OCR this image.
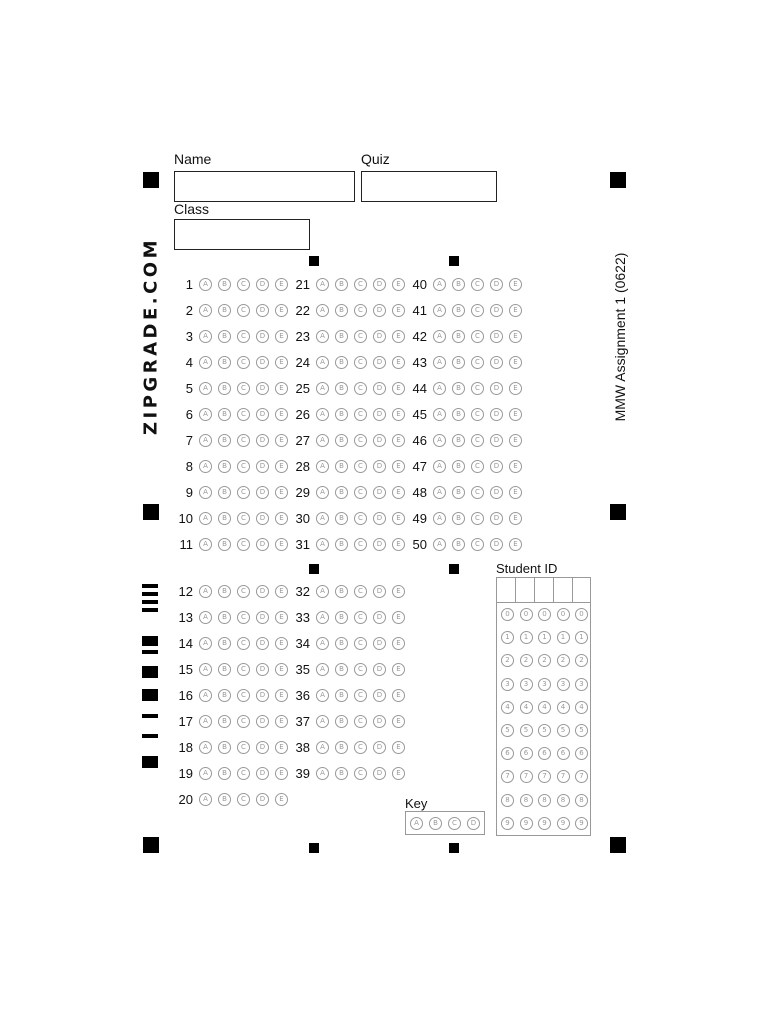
Name	Quiz
Class
ZIPGRADE.COM	MMW Assignment 1 (0622)
1	A	B	C	D	E
2	A	B	C	D	E
3	A	B	C	D	E
4	A	B	C	D	E
5	A	B	C	D	E
6	A	B	C	D	E
7	A	B	C	D	E
8	A	B	C	D	E
9	A	B	C	D	E
10	A	B	C	D	E
11	A	B	C	D	E
21	A	B	C	D	E
22	A	B	C	D	E
23	A	B	C	D	E
24	A	B	C	D	E
25	A	B	C	D	E
26	A	B	C	D	E
27	A	B	C	D	E
28	A	B	C	D	E
29	A	B	C	D	E
30	A	B	C	D	E
31	A	B	C	D	E
40	A	B	C	D	E
41	A	B	C	D	E
42	A	B	C	D	E
43	A	B	C	D	E
44	A	B	C	D	E
45	A	B	C	D	E
46	A	B	C	D	E
47	A	B	C	D	E
48	A	B	C	D	E
49	A	B	C	D	E
50	A	B	C	D	E
12	A	B	C	D	E
13	A	B	C	D	E
14	A	B	C	D	E
15	A	B	C	D	E
16	A	B	C	D	E
17	A	B	C	D	E
18	A	B	C	D	E
19	A	B	C	D	E
20	A	B	C	D	E
32	A	B	C	D	E
33	A	B	C	D	E
34	A	B	C	D	E
35	A	B	C	D	E
36	A	B	C	D	E
37	A	B	C	D	E
38	A	B	C	D	E
39	A	B	C	D	E
Student ID
0	0	0	0	0
1	1	1	1	1
2	2	2	2	2
3	3	3	3	3
4	4	4	4	4
5	5	5	5	5
6	6	6	6	6
7	7	7	7	7
8	8	8	8	8
9	9	9	9	9
Key
A	B	C	D
